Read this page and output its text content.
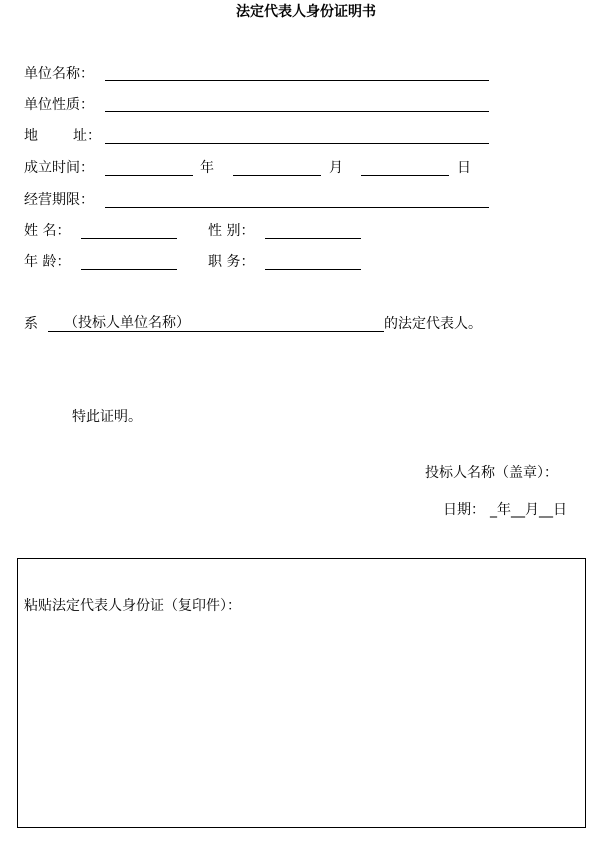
法定代表人身份证明书
单位名称：
单位性质：
地	址：
成立时间：	年	月	日
经营期限：
姓 名：	性 别：
年 龄：	职 务：
系 （投标人单位名称）	的法定代表人。
特此证明。
投标人名称（盖章）：
日期： _年__月__日
粘贴法定代表人身份证（复印件）：
